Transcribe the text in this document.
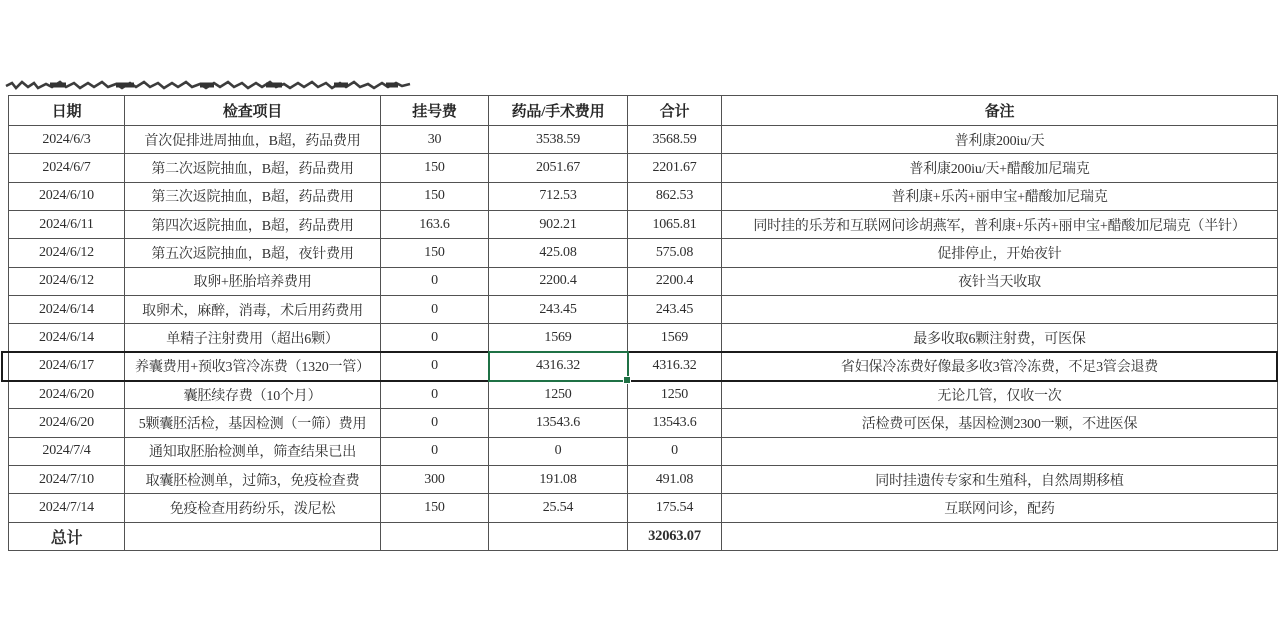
日期	检查项目	挂号费	药品/手术费用	合计	备注
2024/6/3	首次促排进周抽血，B超，药品费用	30	3538.59	3568.59	普利康200iu/天
2024/6/7	第二次返院抽血，B超，药品费用	150	2051.67	2201.67	普利康200iu/天+醋酸加尼瑞克
2024/6/10	第三次返院抽血，B超，药品费用	150	712.53	862.53	普利康+乐芮+丽申宝+醋酸加尼瑞克
2024/6/11	第四次返院抽血，B超，药品费用	163.6	902.21	1065.81	同时挂的乐芳和互联网问诊胡燕军，普利康+乐芮+丽申宝+醋酸加尼瑞克（半针）
2024/6/12	第五次返院抽血，B超，夜针费用	150	425.08	575.08	促排停止，开始夜针
2024/6/12	取卵+胚胎培养费用	0	2200.4	2200.4	夜针当天收取
2024/6/14	取卵术，麻醉，消毒，术后用药费用	0	243.45	243.45	
2024/6/14	单精子注射费用（超出6颗）	0	1569	1569	最多收取6颗注射费，可医保
2024/6/17	养囊费用+预收3管冷冻费（1320一管）	0	4316.32	4316.32	省妇保冷冻费好像最多收3管冷冻费，不足3管会退费
2024/6/20	囊胚续存费（10个月）	0	1250	1250	无论几管，仅收一次
2024/6/20	5颗囊胚活检，基因检测（一筛）费用	0	13543.6	13543.6	活检费可医保，基因检测2300一颗，不进医保
2024/7/4	通知取胚胎检测单，筛查结果已出	0	0	0	
2024/7/10	取囊胚检测单，过筛3，免疫检查费	300	191.08	491.08	同时挂遗传专家和生殖科，自然周期移植
2024/7/14	免疫检查用药纷乐，泼尼松	150	25.54	175.54	互联网问诊，配药
总计				32063.07	
